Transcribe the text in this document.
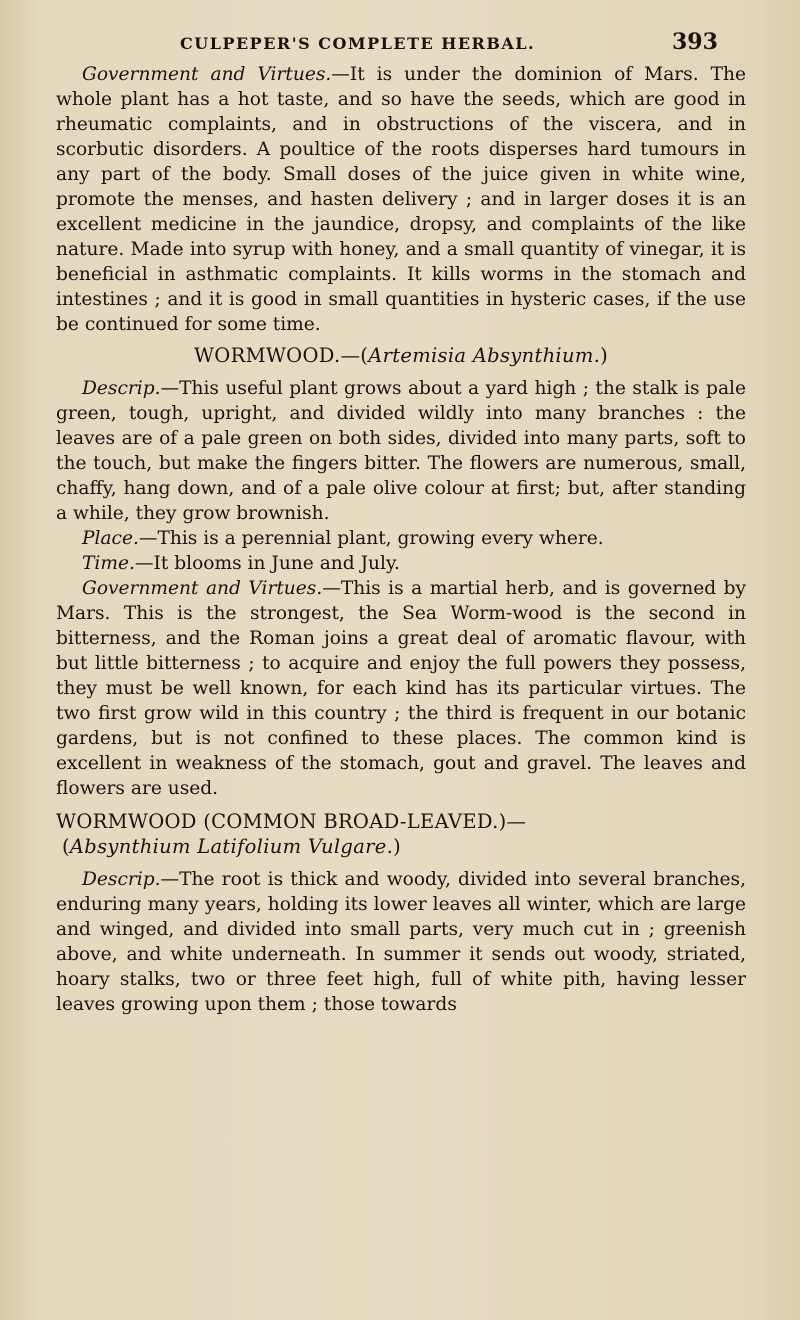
CULPEPER'S COMPLETE HERBAL.	393

Government and Virtues.—It is under the dominion of Mars. The whole plant has a hot taste, and so have the seeds, which are good in rheumatic complaints, and in obstructions of the viscera, and in scorbutic disorders. A poultice of the roots disperses hard tumours in any part of the body. Small doses of the juice given in white wine, promote the menses, and hasten delivery ; and in larger doses it is an excellent medicine in the jaundice, dropsy, and complaints of the like nature. Made into syrup with honey, and a small quantity of vinegar, it is beneficial in asthmatic complaints. It kills worms in the stomach and intestines ; and it is good in small quantities in hysteric cases, if the use be continued for some time.

WORMWOOD.—(Artemisia Absynthium.)

Descrip.—This useful plant grows about a yard high ; the stalk is pale green, tough, upright, and divided wildly into many branches : the leaves are of a pale green on both sides, divided into many parts, soft to the touch, but make the fingers bitter. The flowers are numerous, small, chaffy, hang down, and of a pale olive colour at first; but, after standing a while, they grow brownish.

Place.—This is a perennial plant, growing every where.

Time.—It blooms in June and July.

Government and Virtues.—This is a martial herb, and is governed by Mars. This is the strongest, the Sea Worm-wood is the second in bitterness, and the Roman joins a great deal of aromatic flavour, with but little bitterness ; to acquire and enjoy the full powers they possess, they must be well known, for each kind has its particular virtues. The two first grow wild in this country ; the third is frequent in our botanic gardens, but is not confined to these places. The common kind is excellent in weakness of the stomach, gout and gravel. The leaves and flowers are used.

WORMWOOD (COMMON BROAD-LEAVED.)—
(Absynthium Latifolium Vulgare.)

Descrip.—The root is thick and woody, divided into several branches, enduring many years, holding its lower leaves all winter, which are large and winged, and divided into small parts, very much cut in ; greenish above, and white underneath. In summer it sends out woody, striated, hoary stalks, two or three feet high, full of white pith, having lesser leaves growing upon them ; those towards
